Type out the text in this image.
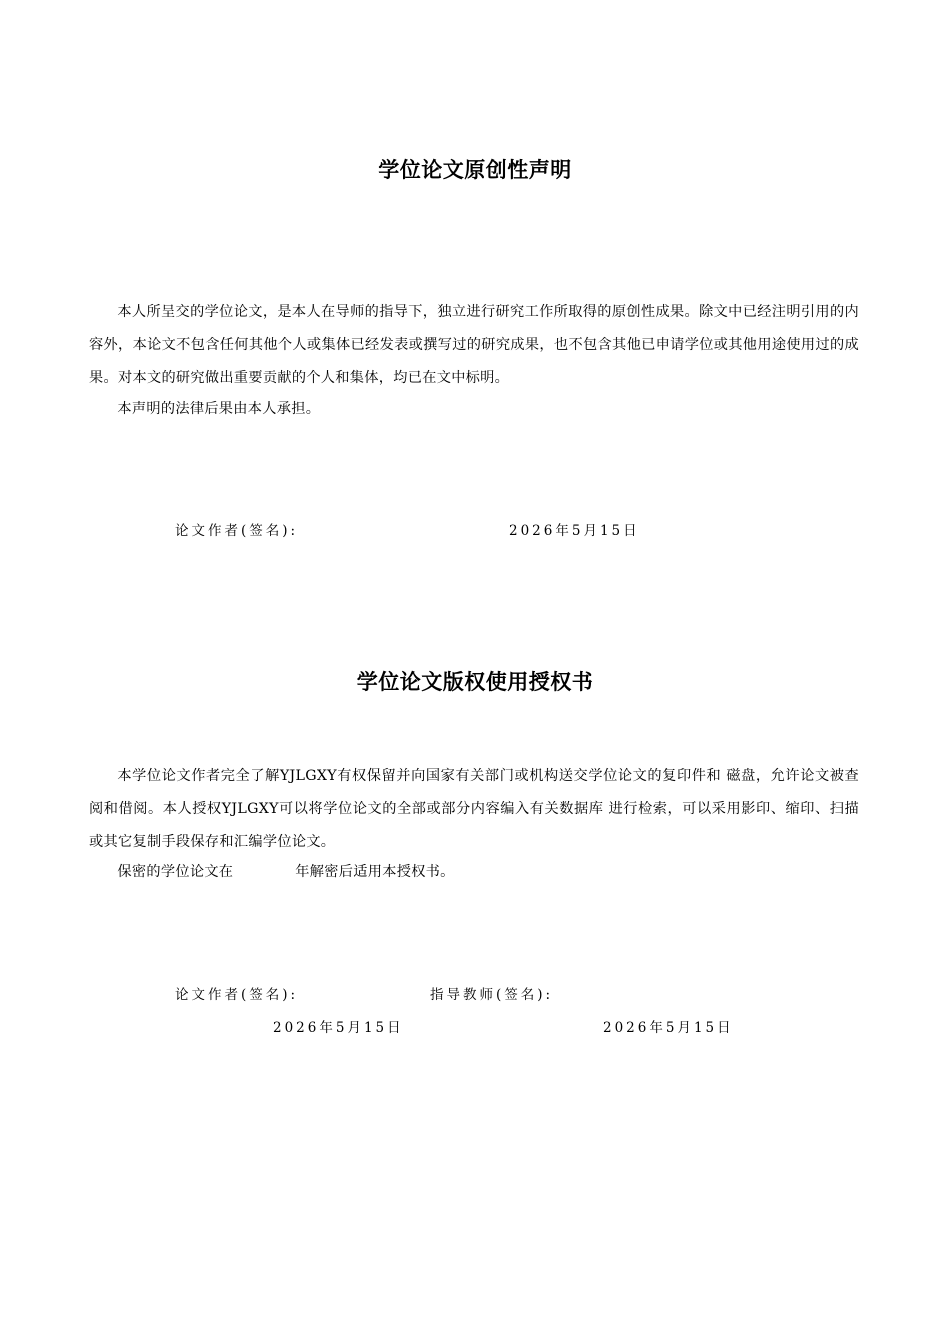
学位论文原创性声明

本人所呈交的学位论文，是本人在导师的指导下，独立进行研究工作所取得的原创性成果。除文中已经注明引用的内容外，本论文不包含任何其他个人或集体已经发表或撰写过的研究成果，也不包含其他已申请学位或其他用途使用过的成果。对本文的研究做出重要贡献的个人和集体，均已在文中标明。

本声明的法律后果由本人承担。

论文作者(签名):	2026年5月15日
学位论文版权使用授权书

本学位论文作者完全了解YJLGXY有权保留并向国家有关部门或机构送交学位论文的复印件和 磁盘，允许论文被查阅和借阅。本人授权YJLGXY可以将学位论文的全部或部分内容编入有关数据库 进行检索，可以采用影印、缩印、扫描或其它复制手段保存和汇编学位论文。

保密的学位论文在	年解密后适用本授权书。

论文作者(签名):	指导教师(签名):
2026年5月15日	2026年5月15日
